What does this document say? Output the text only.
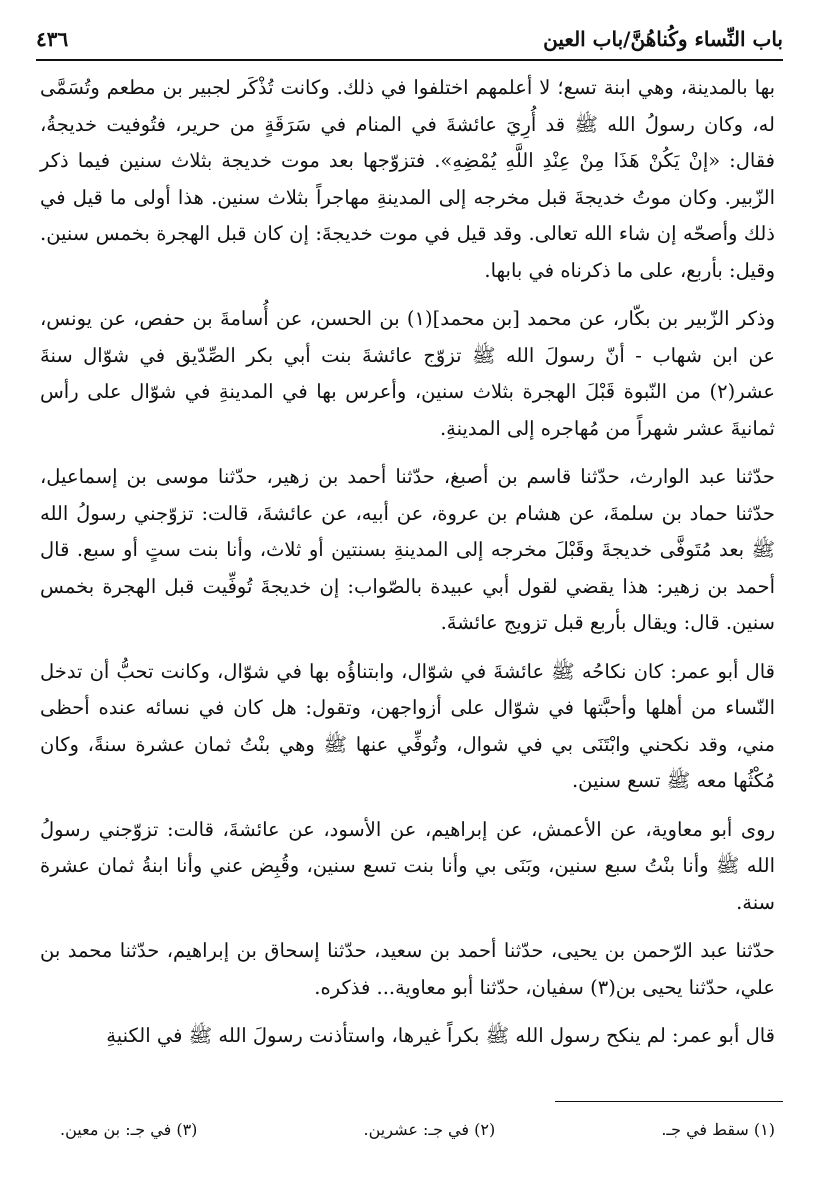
باب النِّساء وكُناهُنَّ/باب العين
٤٣٦

بها بالمدينة، وهي ابنة تسع؛ لا أعلمهم اختلفوا في ذلك. وكانت تُذْكَر لجبير بن مطعم وتُسَمَّى له، وكان رسولُ الله ﷺ قد أُرِيَ عائشةَ في المنام في سَرَقَةٍ من حرير، فتُوفيت خديجةُ، فقال: «إنْ يَكُنْ هَذَا مِنْ عِنْدِ اللَّهِ يُمْضِهِ». فتزوّجها بعد موت خديجة بثلاث سنين فيما ذكر الزّبير. وكان موتُ خديجةَ قبل مخرجه إلى المدينةِ مهاجراً بثلاث سنين. هذا أولى ما قيل في ذلك وأصحّه إن شاء الله تعالى. وقد قيل في موت خديجةَ: إن كان قبل الهجرة بخمس سنين. وقيل: بأربع، على ما ذكرناه في بابها.

وذكر الزّبير بن بكّار، عن محمد [بن محمد](١) بن الحسن، عن أُسامةَ بن حفص، عن يونس، عن ابن شهاب - أنّ رسولَ الله ﷺ تزوّج عائشةَ بنت أبي بكر الصِّدّيق في شوّال سنةَ عشر(٢) من النّبوة قَبْلَ الهجرة بثلاث سنين، وأعرس بها في المدينةِ في شوّال على رأس ثمانيةَ عشر شهراً من مُهاجره إلى المدينةِ.

حدّثنا عبد الوارث، حدّثنا قاسم بن أصبغ، حدّثنا أحمد بن زهير، حدّثنا موسى بن إسماعيل، حدّثنا حماد بن سلمةَ، عن هشام بن عروة، عن أبيه، عن عائشةَ، قالت: تزوّجني رسولُ الله ﷺ بعد مُتَوفَّى خديجةَ وقَبْلَ مخرجه إلى المدينةِ بسنتين أو ثلاث، وأنا بنت ستٍ أو سبع. قال أحمد بن زهير: هذا يقضي لقول أبي عبيدة بالصّواب: إن خديجةَ تُوفِّيت قبل الهجرة بخمس سنين. قال: ويقال بأربع قبل تزويج عائشةَ.

قال أبو عمر: كان نكاحُه ﷺ عائشةَ في شوّال، وابتناؤُه بها في شوّال، وكانت تحبُّ أن تدخل النّساء من أهلها وأحبَّتها في شوّال على أزواجهن، وتقول: هل كان في نسائه عنده أحظى مني، وقد نكحني وابْتَنَى بي في شوال، وتُوفِّي عنها ﷺ وهي بنْتُ ثمان عشرة سنةً، وكان مُكْثُها معه ﷺ تسع سنين.

روى أبو معاوية، عن الأعمش، عن إبراهيم، عن الأسود، عن عائشةَ، قالت: تزوّجني رسولُ الله ﷺ وأنا بنْتُ سبع سنين، وبَنَى بي وأنا بنت تسع سنين، وقُبِض عني وأنا ابنةُ ثمان عشرة سنة.

حدّثنا عبد الرّحمن بن يحيى، حدّثنا أحمد بن سعيد، حدّثنا إسحاق بن إبراهيم، حدّثنا محمد بن علي، حدّثنا يحيى بن(٣) سفيان، حدّثنا أبو معاوية... فذكره.

قال أبو عمر: لم ينكح رسول الله ﷺ بكراً غيرها، واستأذنت رسولَ الله ﷺ في الكنيةِ

(١) سقط في جـ.
(٢) في جـ: عشرين.
(٣) في جـ: بن معين.
